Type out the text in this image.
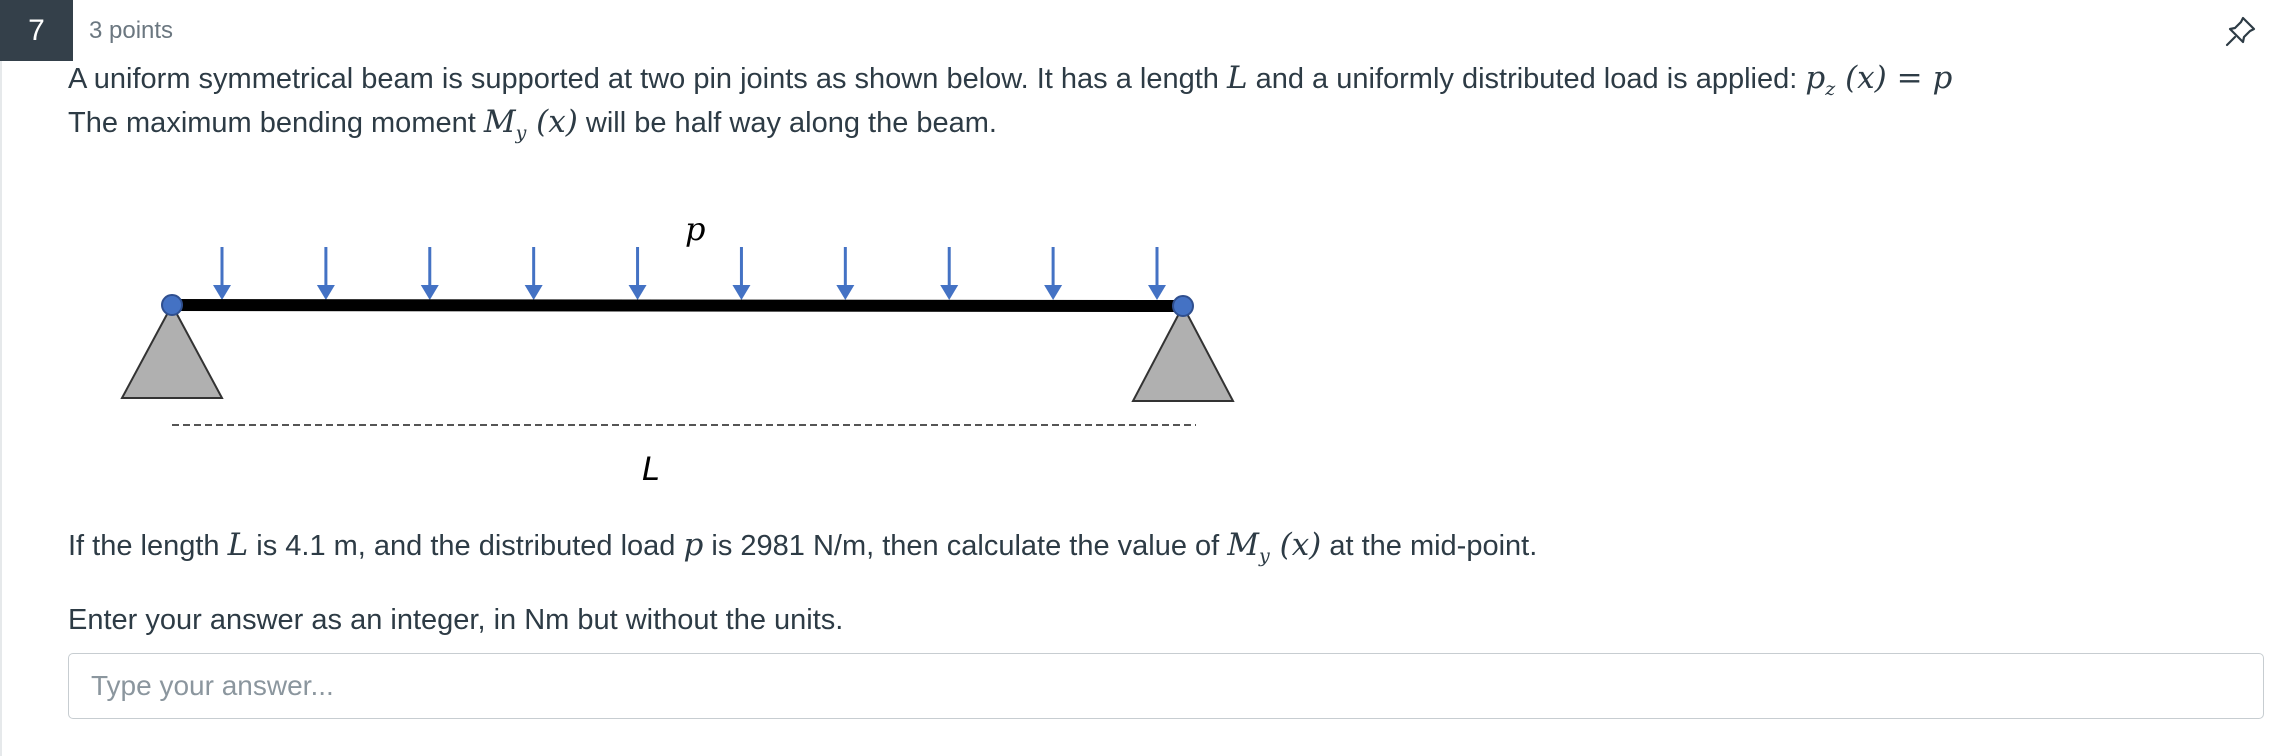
7	3 points
A uniform symmetrical beam is supported at two pin joints as shown below. It has a length L and a uniformly distributed load is applied: $p_z$ (x) = p
The maximum bending moment $M_y$ (x) will be half way along the beam.
p
L
If the length L is 4.1 m, and the distributed load p is 2981 N/m, then calculate the value of $M_y$ (x) at the mid-point.
Enter your answer as an integer, in Nm but without the units.
Type your answer...
